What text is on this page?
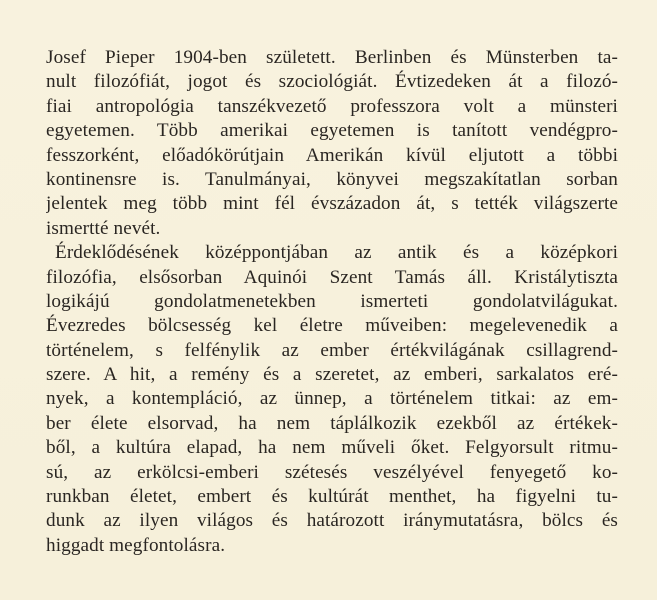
Josef Pieper 1904-ben született. Berlinben és Münsterben ta-
nult filozófiát, jogot és szociológiát. Évtizedeken át a filozó-
fiai antropológia tanszékvezető professzora volt a münsteri
egyetemen. Több amerikai egyetemen is tanított vendégpro-
fesszorként, előadókörútjain Amerikán kívül eljutott a többi
kontinensre is. Tanulmányai, könyvei megszakítatlan sorban
jelentek meg több mint fél évszázadon át, s tették világszerte
ismertté nevét.
Érdeklődésének középpontjában az antik és a középkori
filozófia, elsősorban Aquinói Szent Tamás áll. Kristálytiszta
logikájú gondolatmenetekben ismerteti gondolatvilágukat.
Évezredes bölcsesség kel életre műveiben: megelevenedik a
történelem, s felfénylik az ember értékvilágának csillagrend-
szere. A hit, a remény és a szeretet, az emberi, sarkalatos eré-
nyek, a kontempláció, az ünnep, a történelem titkai: az em-
ber élete elsorvad, ha nem táplálkozik ezekből az értékek-
ből, a kultúra elapad, ha nem műveli őket. Felgyorsult ritmu-
sú, az erkölcsi-emberi szétesés veszélyével fenyegető ko-
runkban életet, embert és kultúrát menthet, ha figyelni tu-
dunk az ilyen világos és határozott iránymutatásra, bölcs és
higgadt megfontolásra.
